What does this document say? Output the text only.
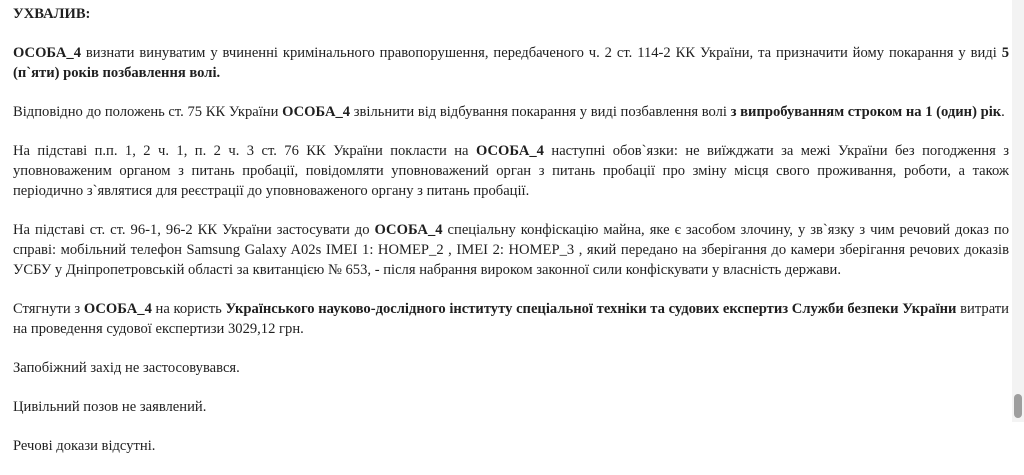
УХВАЛИВ:
ОСОБА_4 визнати винуватим у вчиненні кримінального правопорушення, передбаченого ч. 2 ст. 114-2 КК України, та призначити йому покарання у виді 5 (п`яти) років позбавлення волі.
Відповідно до положень ст. 75 КК України ОСОБА_4 звільнити від відбування покарання у виді позбавлення волі з випробуванням строком на 1 (один) рік.
На підставі п.п. 1, 2 ч. 1, п. 2 ч. 3 ст. 76 КК України покласти на ОСОБА_4 наступні обов`язки: не виїжджати за межі України без погодження з уповноваженим органом з питань пробації, повідомляти уповноважений орган з питань пробації про зміну місця свого проживання, роботи, а також періодично з`являтися для реєстрації до уповноваженого органу з питань пробації.
На підставі ст. ст. 96-1, 96-2 КК України застосувати до ОСОБА_4 спеціальну конфіскацію майна, яке є засобом злочину, у зв`язку з чим речовий доказ по справі: мобільний телефон Samsung Galaxy A02s IMEI 1: НОМЕР_2 , IMEI 2: НОМЕР_3 , який передано на зберігання до камери зберігання речових доказів УСБУ у Дніпропетровській області за квитанцією № 653, - після набрання вироком законної сили конфіскувати у власність держави.
Стягнути з ОСОБА_4 на користь Українського науково-дослідного інституту спеціальної техніки та судових експертиз Служби безпеки України витрати на проведення судової експертизи 3029,12 грн.
Запобіжний захід не застосовувався.
Цивільний позов не заявлений.
Речові докази відсутні.
